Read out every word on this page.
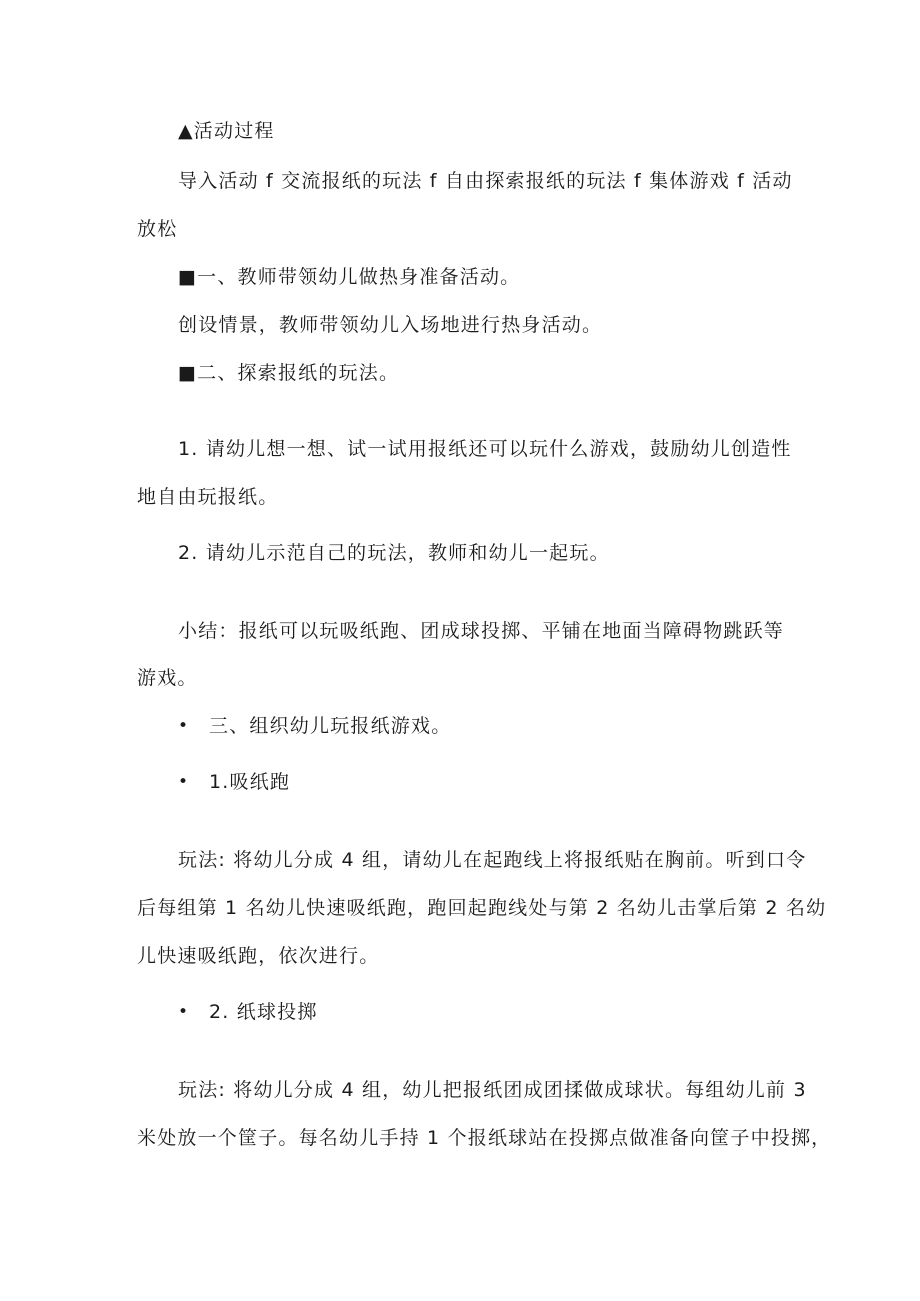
▲活动过程
导入活动 f 交流报纸的玩法 f 自由探索报纸的玩法 f 集体游戏 f 活动
放松
■一、教师带领幼儿做热身准备活动。
创设情景，教师带领幼儿入场地进行热身活动。
■二、探索报纸的玩法。
1. 请幼儿想一想、试一试用报纸还可以玩什么游戏，鼓励幼儿创造性
地自由玩报纸。
2. 请幼儿示范自己的玩法，教师和幼儿一起玩。
小结：报纸可以玩吸纸跑、团成球投掷、平铺在地面当障碍物跳跃等
游戏。
• 三、组织幼儿玩报纸游戏。
• 1.吸纸跑
玩法: 将幼儿分成 4 组，请幼儿在起跑线上将报纸贴在胸前。听到口令
后每组第 1 名幼儿快速吸纸跑，跑回起跑线处与第 2 名幼儿击掌后第 2 名幼
儿快速吸纸跑，依次进行。
• 2. 纸球投掷
玩法: 将幼儿分成 4 组，幼儿把报纸团成团揉做成球状。每组幼儿前 3
米处放一个筐子。每名幼儿手持 1 个报纸球站在投掷点做准备向筐子中投掷，
